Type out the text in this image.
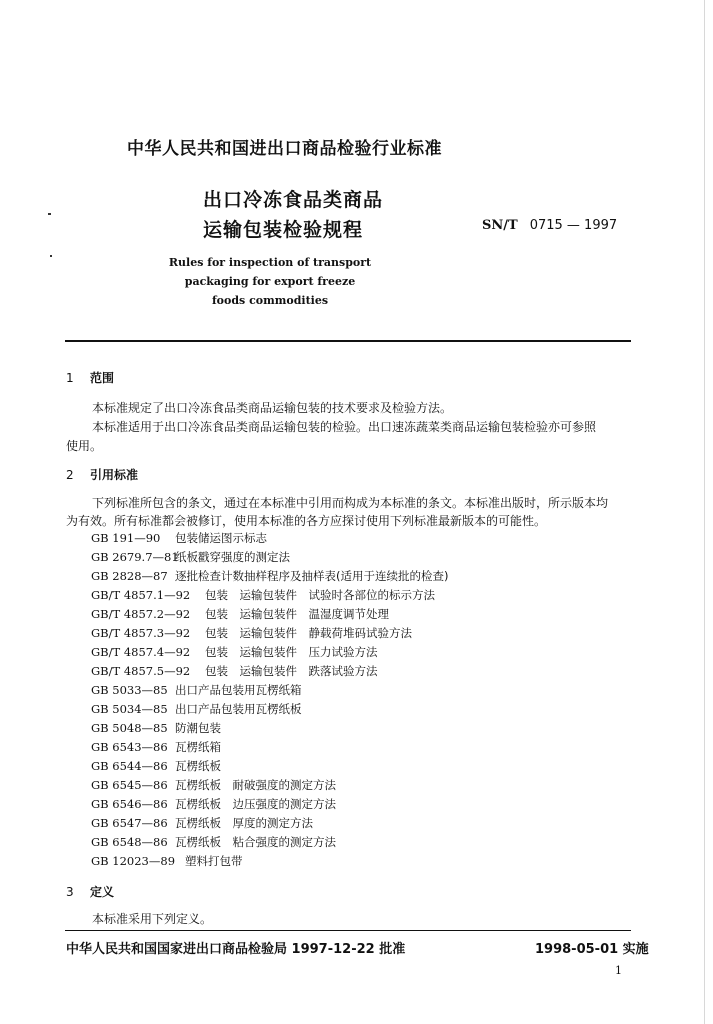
中华人民共和国进出口商品检验行业标准
出口冷冻食品类商品
运输包装检验规程	SN/T 0715 — 1997
Rules for inspection of transport
packaging for export freeze
foods commodities
1 范围
本标准规定了出口冷冻食品类商品运输包装的技术要求及检验方法。
本标准适用于出口冷冻食品类商品运输包装的检验。出口速冻蔬菜类商品运输包装检验亦可参照
使用。
2 引用标准
下列标准所包含的条文，通过在本标准中引用而构成为本标准的条文。本标准出版时，所示版本均
为有效。所有标准都会被修订，使用本标准的各方应探讨使用下列标准最新版本的可能性。
GB 191—90 包装储运图示标志
GB 2679.7—81纸板戳穿强度的测定法
GB 2828—87 逐批检查计数抽样程序及抽样表(适用于连续批的检查)
GB/T 4857.1—92 包装　运输包装件　试验时各部位的标示方法
GB/T 4857.2—92 包装　运输包装件　温湿度调节处理
GB/T 4857.3—92 包装　运输包装件　静载荷堆码试验方法
GB/T 4857.4—92 包装　运输包装件　压力试验方法
GB/T 4857.5—92 包装　运输包装件　跌落试验方法
GB 5033—85 出口产品包装用瓦楞纸箱
GB 5034—85 出口产品包装用瓦楞纸板
GB 5048—85 防潮包装
GB 6543—86 瓦楞纸箱
GB 6544—86 瓦楞纸板
GB 6545—86 瓦楞纸板　耐破强度的测定方法
GB 6546—86 瓦楞纸板　边压强度的测定方法
GB 6547—86 瓦楞纸板　厚度的测定方法
GB 6548—86 瓦楞纸板　粘合强度的测定方法
GB 12023—89 塑料打包带
3 定义
本标准采用下列定义。
中华人民共和国国家进出口商品检验局 1997-12-22 批准	1998-05-01 实施
1
